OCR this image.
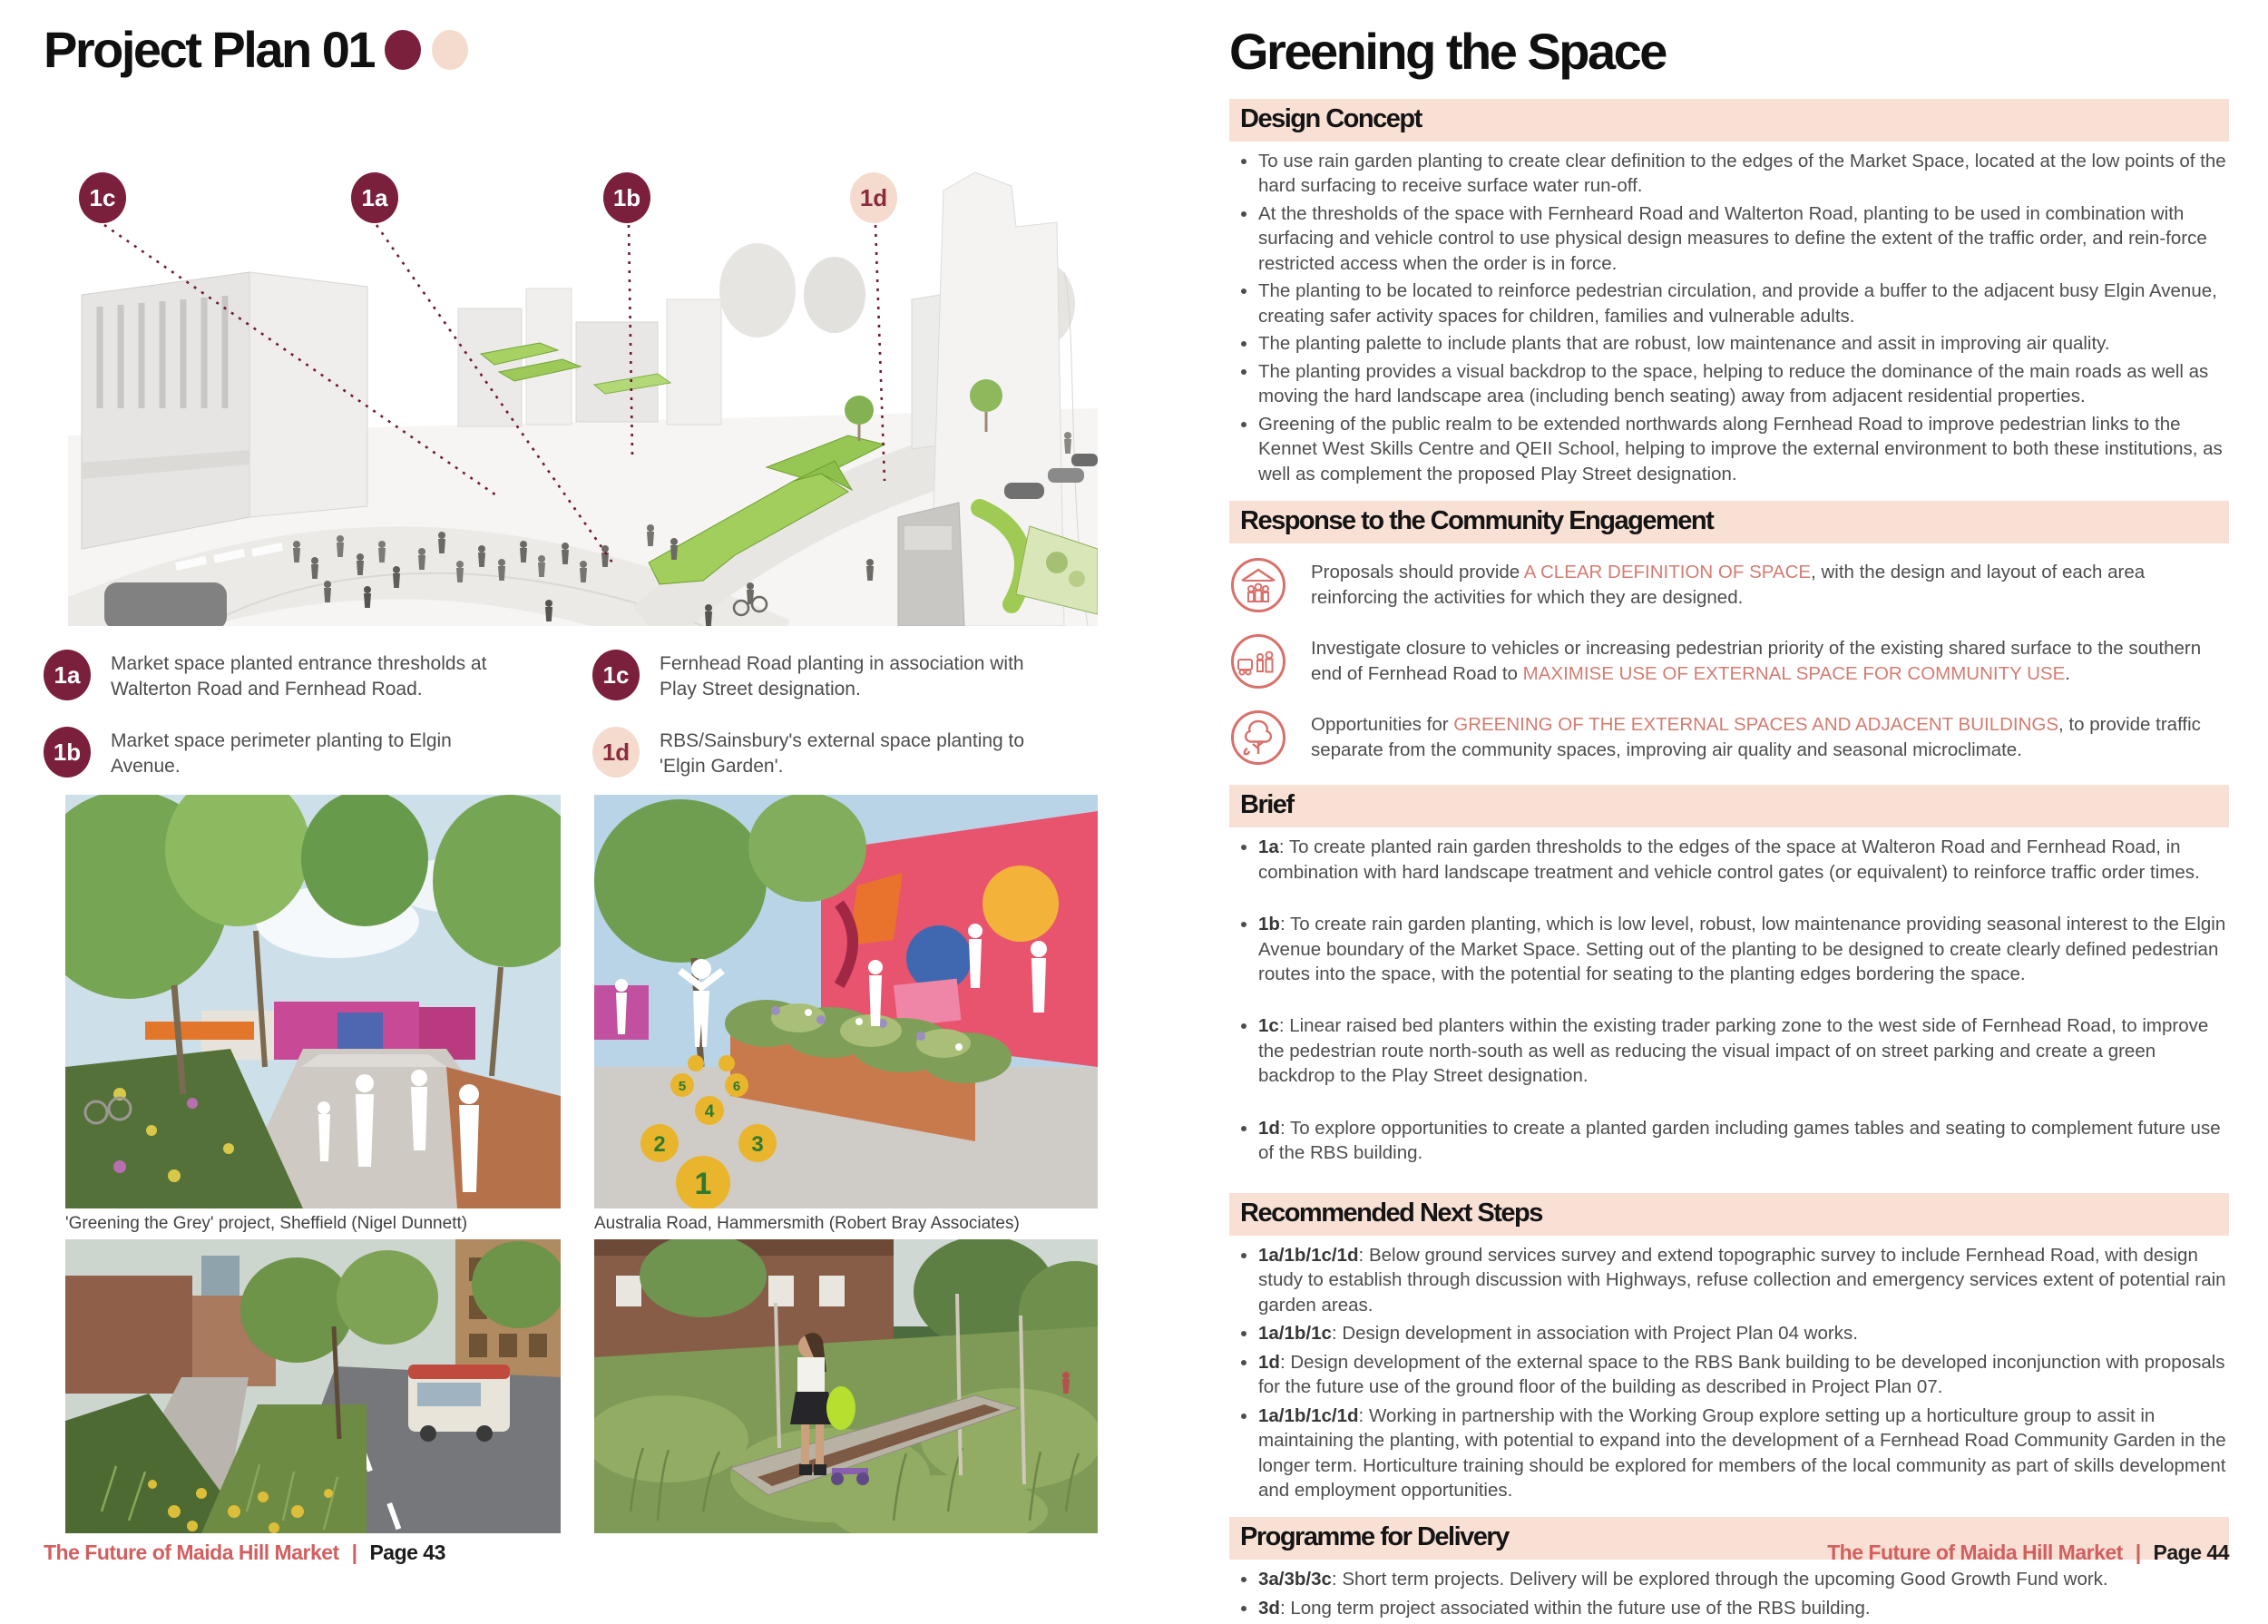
Project Plan 01
1c	1a	1b	1d
1a	Market space planted entrance thresholds at Walterton Road and Fernhead Road.

1c	Fernhead Road planting in association with Play Street designation.

1b	Market space perimeter planting to Elgin Avenue.

1d	RBS/Sainsbury's external space planting to 'Elgin Garden'.

1
2	3
4
5	6
'Greening the Grey' project, Sheffield (Nigel Dunnett)	Australia Road, Hammersmith (Robert Bray Associates)
The Future of Maida Hill Market | Page 43
Greening the Space
Design Concept
• To use rain garden planting to create clear definition to the edges of the Market Space, located at the low points of the hard surfacing to receive surface water run-off.
• At the thresholds of the space with Fernheard Road and Walterton Road, planting to be used in combination with surfacing and vehicle control to use physical design measures to define the extent of the traffic order, and rein-force restricted access when the order is in force.
• The planting to be located to reinforce pedestrian circulation, and provide a buffer to the adjacent busy Elgin Avenue, creating safer activity spaces for children, families and vulnerable adults.
• The planting palette to include plants that are robust, low maintenance and assit in improving air quality.
• The planting provides a visual backdrop to the space, helping to reduce the dominance of the main roads as well as moving the hard landscape area (including bench seating) away from adjacent residential properties.
• Greening of the public realm to be extended northwards along Fernhead Road to improve pedestrian links to the Kennet West Skills Centre and QEII School, helping to improve the external environment to both these institutions, as well as complement the proposed Play Street designation.
Response to the Community Engagement

Proposals should provide A CLEAR DEFINITION OF SPACE, with the design and layout of each area reinforcing the activities for which they are designed.

Investigate closure to vehicles or increasing pedestrian priority of the existing shared surface to the southern end of Fernhead Road to MAXIMISE USE OF EXTERNAL SPACE FOR COMMUNITY USE.

Opportunities for GREENING OF THE EXTERNAL SPACES AND ADJACENT BUILDINGS, to provide traffic separate from the community spaces, improving air quality and seasonal microclimate.

Brief
• 1a: To create planted rain garden thresholds to the edges of the space at Walteron Road and Fernhead Road, in combination with hard landscape treatment and vehicle control gates (or equivalent) to reinforce traffic order times.
• 1b: To create rain garden planting, which is low level, robust, low maintenance providing seasonal interest to the Elgin Avenue boundary of the Market Space. Setting out of the planting to be designed to create clearly defined pedestrian routes into the space, with the potential for seating to the planting edges bordering the space.
• 1c: Linear raised bed planters within the existing trader parking zone to the west side of Fernhead Road, to improve the pedestrian route north-south as well as reducing the visual impact of on street parking and create a green backdrop to the Play Street designation.
• 1d: To explore opportunities to create a planted garden including games tables and seating to complement future use of the RBS building.
Recommended Next Steps
• 1a/1b/1c/1d: Below ground services survey and extend topographic survey to include Fernhead Road, with design study to establish through discussion with Highways, refuse collection and emergency services extent of potential rain garden areas.
• 1a/1b/1c: Design development in association with Project Plan 04 works.
• 1d: Design development of the external space to the RBS Bank building to be developed inconjunction with proposals for the future use of the ground floor of the building as described in Project Plan 07.
• 1a/1b/1c/1d: Working in partnership with the Working Group explore setting up a horticulture group to assit in maintaining the planting, with potential to expand into the development of a Fernhead Road Community Garden in the longer term. Horticulture training should be explored for members of the local community as part of skills development and employment opportunities.
Programme for Delivery
• 3a/3b/3c: Short term projects. Delivery will be explored through the upcoming Good Growth Fund work.
• 3d: Long term project associated within the future use of the RBS building.
The Future of Maida Hill Market | Page 44
